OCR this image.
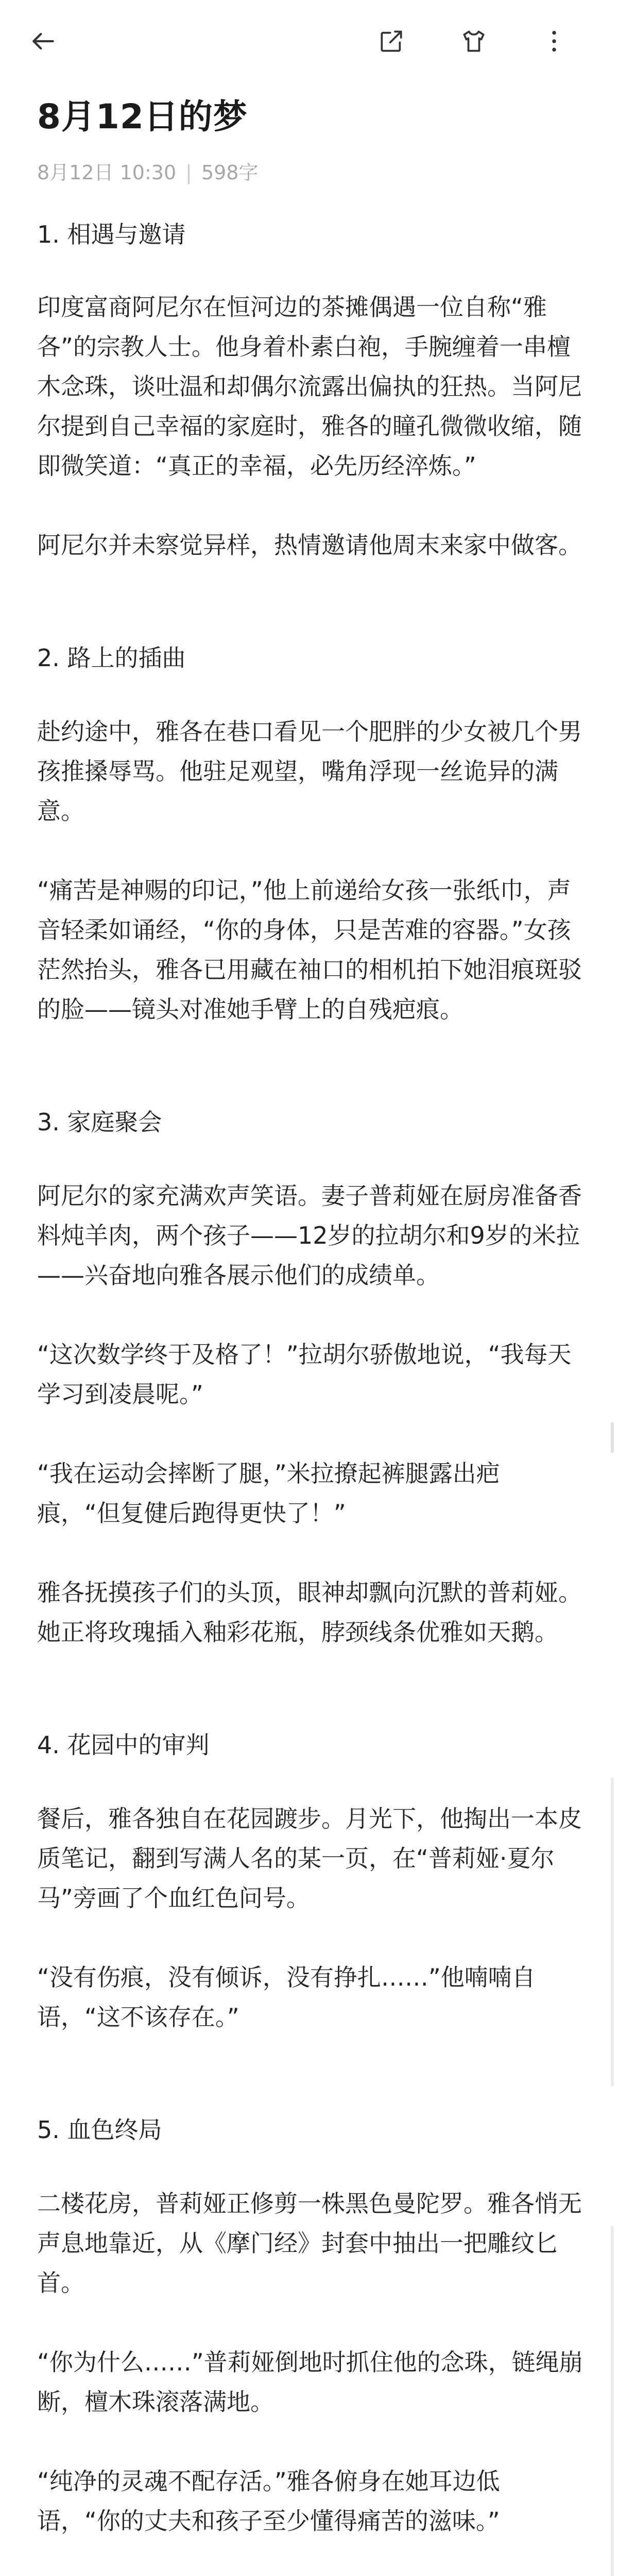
8月12日的梦
8月12日 10:30 | 598字
1. 相遇与邀请

印度富商阿尼尔在恒河边的茶摊偶遇一位自称“雅各”的宗教人士。他身着朴素白袍，手腕缠着一串檀木念珠，谈吐温和却偶尔流露出偏执的狂热。当阿尼尔提到自己幸福的家庭时，雅各的瞳孔微微收缩，随即微笑道：“真正的幸福，必先历经淬炼。”

阿尼尔并未察觉异样，热情邀请他周末来家中做客。

2. 路上的插曲

赴约途中，雅各在巷口看见一个肥胖的少女被几个男孩推搡辱骂。他驻足观望，嘴角浮现一丝诡异的满意。

“痛苦是神赐的印记，”他上前递给女孩一张纸巾，声音轻柔如诵经，“你的身体，只是苦难的容器。”女孩茫然抬头，雅各已用藏在袖口的相机拍下她泪痕斑驳的脸——镜头对准她手臂上的自残疤痕。

3. 家庭聚会

阿尼尔的家充满欢声笑语。妻子普莉娅在厨房准备香料炖羊肉，两个孩子——12岁的拉胡尔和9岁的米拉——兴奋地向雅各展示他们的成绩单。

“这次数学终于及格了！”拉胡尔骄傲地说，“我每天学习到凌晨呢。”

“我在运动会摔断了腿，”米拉撩起裤腿露出疤痕，“但复健后跑得更快了！”

雅各抚摸孩子们的头顶，眼神却飘向沉默的普莉娅。她正将玫瑰插入釉彩花瓶，脖颈线条优雅如天鹅。

4. 花园中的审判

餐后，雅各独自在花园踱步。月光下，他掏出一本皮质笔记，翻到写满人名的某一页，在“普莉娅·夏尔马”旁画了个血红色问号。

“没有伤痕，没有倾诉，没有挣扎……”他喃喃自语，“这不该存在。”

5. 血色终局

二楼花房，普莉娅正修剪一株黑色曼陀罗。雅各悄无声息地靠近，从《摩门经》封套中抽出一把雕纹匕首。

“你为什么……”普莉娅倒地时抓住他的念珠，链绳崩断，檀木珠滚落满地。

“纯净的灵魂不配存活。”雅各俯身在她耳边低语，“你的丈夫和孩子至少懂得痛苦的滋味。”
